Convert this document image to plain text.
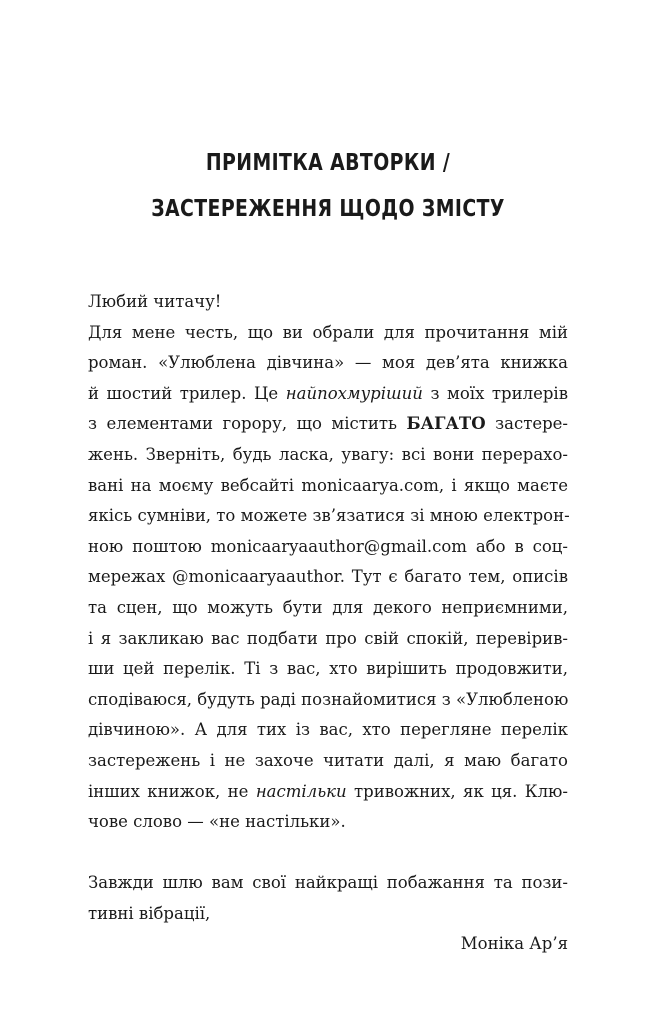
ПРИМІТКА АВТОРКИ /
ЗАСТЕРЕЖЕННЯ ЩОДО ЗМІСТУ
Любий читачу!
Для мене честь, що ви обрали для прочитання мій
роман. «Улюблена дівчина» — моя дев’ята книжка
й шостий трилер. Це найпохмуріший з моїх трилерів
з елементами горору, що містить БАГАТО застере-
жень. Зверніть, будь ласка, увагу: всі вони перерахо-
вані на моєму вебсайті monicaarya.com, і якщо маєте
якісь сумніви, то можете зв’язатися зі мною електрон-
ною поштою monicaaryaauthor@gmail.com або в соц-
мережах @monicaaryaauthor. Тут є багато тем, описів
та сцен, що можуть бути для декого неприємними,
і я закликаю вас подбати про свій спокій, перевірив-
ши цей перелік. Ті з вас, хто вирішить продовжити,
сподіваюся, будуть раді познайомитися з «Улюбленою
дівчиною». А для тих із вас, хто перегляне перелік
застережень і не захоче читати далі, я маю багато
інших книжок, не настільки тривожних, як ця. Клю-
чове слово — «не настільки».
Завжди шлю вам свої найкращі побажання та пози-
тивні вібрації,
Моніка Ар’я
